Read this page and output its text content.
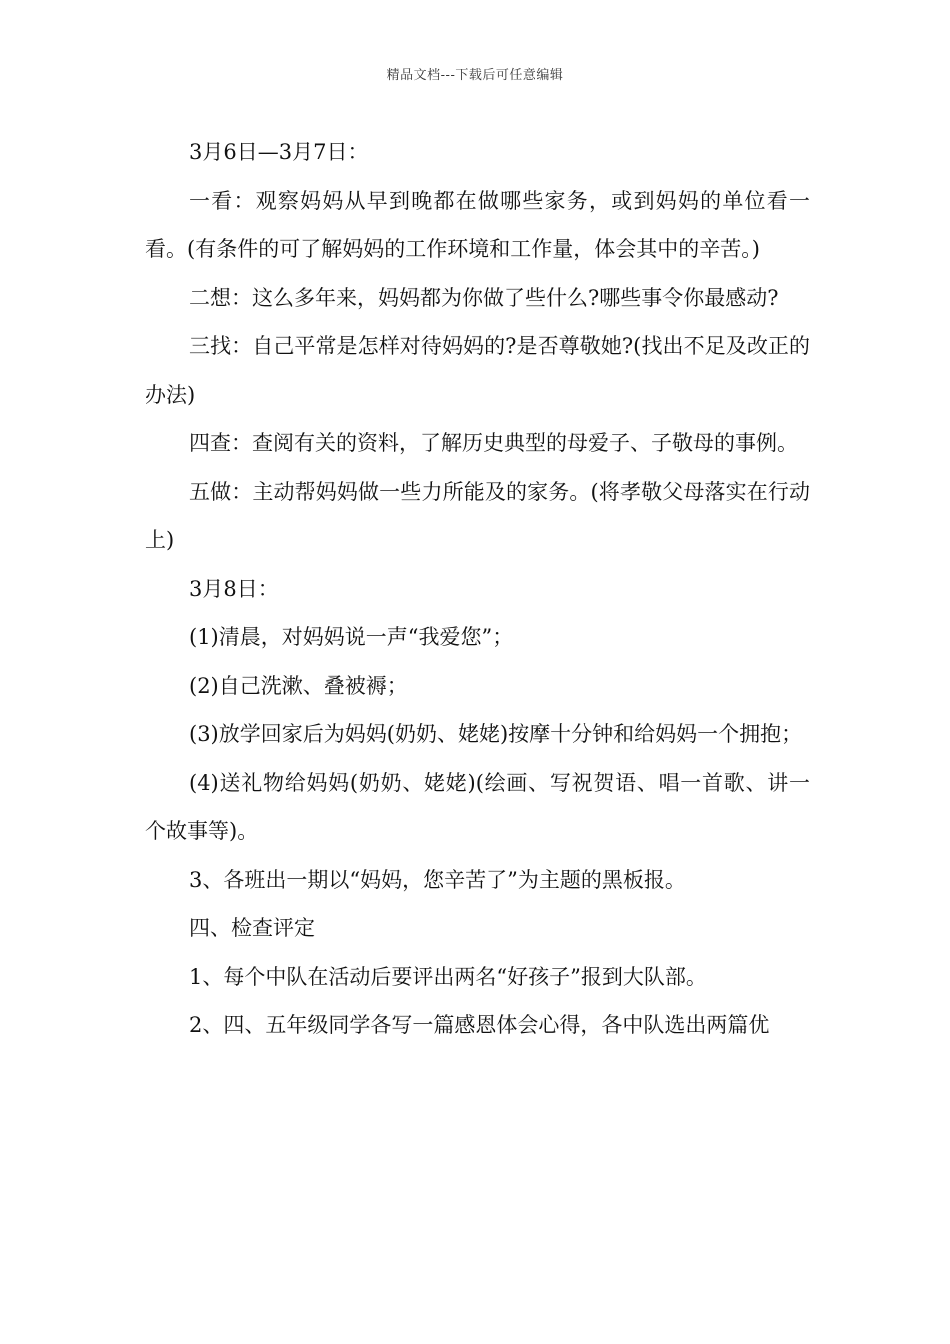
精品文档---下载后可任意编辑

3月6日—3月7日：

一看：观察妈妈从早到晚都在做哪些家务，或到妈妈的单位看一看。(有条件的可了解妈妈的工作环境和工作量，体会其中的辛苦。)

二想：这么多年来，妈妈都为你做了些什么?哪些事令你最感动?

三找：自己平常是怎样对待妈妈的?是否尊敬她?(找出不足及改正的办法)

四查：查阅有关的资料，了解历史典型的母爱子、子敬母的事例。

五做：主动帮妈妈做一些力所能及的家务。(将孝敬父母落实在行动上)

3月8日：

(1)清晨，对妈妈说一声“我爱您”；

(2)自己洗漱、叠被褥；

(3)放学回家后为妈妈(奶奶、姥姥)按摩十分钟和给妈妈一个拥抱；

(4)送礼物给妈妈(奶奶、姥姥)(绘画、写祝贺语、唱一首歌、讲一个故事等)。

3、各班出一期以“妈妈，您辛苦了”为主题的黑板报。

四、检查评定

1、每个中队在活动后要评出两名“好孩子”报到大队部。

2、四、五年级同学各写一篇感恩体会心得，各中队选出两篇优
